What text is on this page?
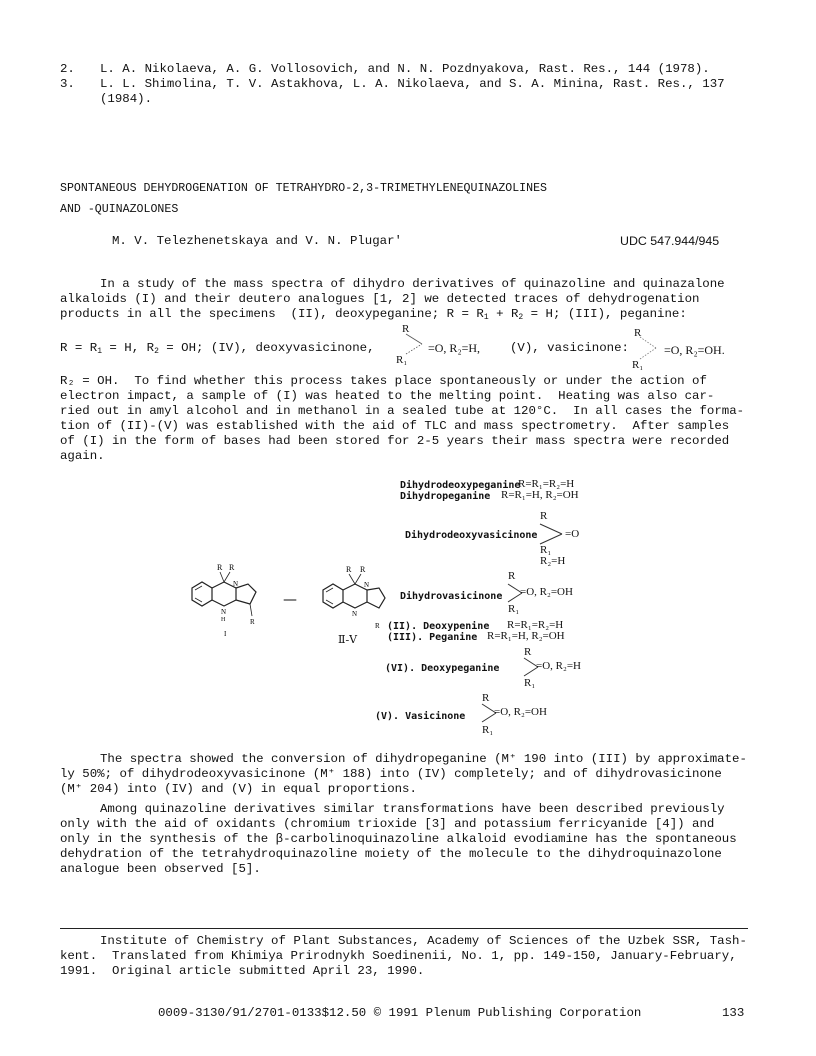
2. L. A. Nikolaeva, A. G. Vollosovich, and N. N. Pozdnyakova, Rast. Res., 144 (1978).
3. L. L. Shimolina, T. V. Astakhova, L. A. Nikolaeva, and S. A. Minina, Rast. Res., 137
(1984).
SPONTANEOUS DEHYDROGENATION OF TETRAHYDRO-2,3-TRIMETHYLENEQUINAZOLINES
AND -QUINAZOLONES
M. V. Telezhenetskaya and V. N. Plugar'	UDC 547.944/945
In a study of the mass spectra of dihydro derivatives of quinazoline and quinazalone
alkaloids (I) and their deutero analogues [1, 2] we detected traces of dehydrogenation
products in all the specimens  (II), deoxypeganine; $R = R_1 + R_2 = H$; (III), peganine:
$R = R_1 = H$, $R_2$ = OH; (IV), deoxyvasicinone,
R
R₁
=O, R₂=H, (V), vasicinone:
R
=O, R₂=OH.
R₁
R₂ = OH.  To find whether this process takes place spontaneously or under the action of
electron impact, a sample of (I) was heated to the melting point.  Heating was also car-
ried out in amyl alcohol and in methanol in a sealed tube at 120°C.  In all cases the forma-
tion of (II)-(V) was established with the aid of TLC and mass spectrometry.  After samples
of (I) in the form of bases had been stored for 2-5 years their mass spectra were recorded
again.
Dihydrodeoxypeganine
R=R₁=R₂=H
Dihydropeganine R=R₁=H, R₂=OH
R
Dihydrodeoxyvasicinone	=O
R₁
R₂=H
R R
N
N
H	R
I
—
R R
N
N
R
Ⅱ-Ⅴ
R
Dihydrovasicinone =O, R₂=OH
R₁
(II). Deoxypenine R=R₁=R₂=H
(III). Peganine R=R₁=H, R₂=OH
R
(VI). Deoxypeganine	=O, R₂=H
R₁
R
(V). Vasicinone	=O, R₂=OH
R₁
The spectra showed the conversion of dihydropeganine (M⁺ 190 into (III) by approximate-
ly 50%; of dihydrodeoxyvasicinone (M⁺ 188) into (IV) completely; and of dihydrovasicinone
(M⁺ 204) into (IV) and (V) in equal proportions.
Among quinazoline derivatives similar transformations have been described previously
only with the aid of oxidants (chromium trioxide [3] and potassium ferricyanide [4]) and
only in the synthesis of the β-carbolinoquinazoline alkaloid evodiamine has the spontaneous
dehydration of the tetrahydroquinazoline moiety of the molecule to the dihydroquinazolone
analogue been observed [5].
Institute of Chemistry of Plant Substances, Academy of Sciences of the Uzbek SSR, Tash-
kent.  Translated from Khimiya Prirodnykh Soedinenii, No. 1, pp. 149-150, January-February,
1991.  Original article submitted April 23, 1990.
0009-3130/91/2701-0133$12.50 © 1991 Plenum Publishing Corporation	133
